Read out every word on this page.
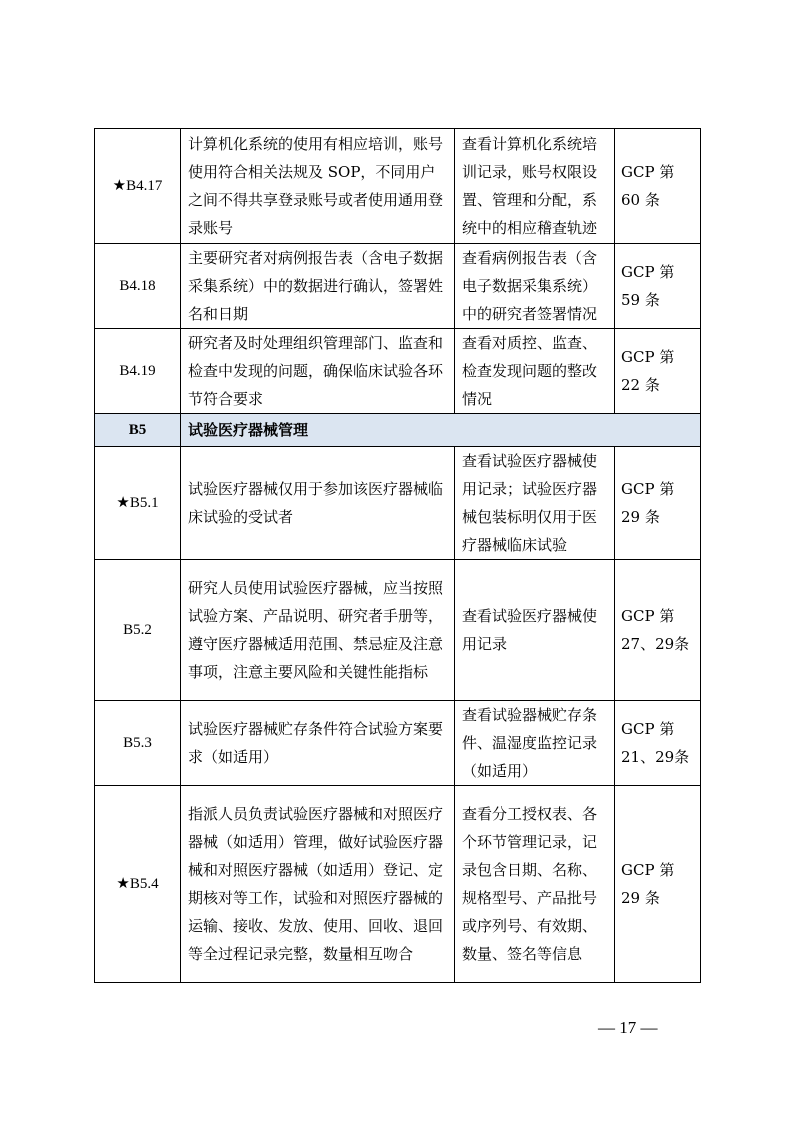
★B4.17	计算机化系统的使用有相应培训，账号使用符合相关法规及 SOP，不同用户之间不得共享登录账号或者使用通用登录账号	查看计算机化系统培训记录，账号权限设置、管理和分配，系统中的相应稽查轨迹	GCP 第 60 条
B4.18	主要研究者对病例报告表（含电子数据采集系统）中的数据进行确认，签署姓名和日期	查看病例报告表（含电子数据采集系统）中的研究者签署情况	GCP 第 59 条
B4.19	研究者及时处理组织管理部门、监查和检查中发现的问题，确保临床试验各环节符合要求	查看对质控、监查、检查发现问题的整改情况	GCP 第 22 条
B5	试验医疗器械管理		
★B5.1	试验医疗器械仅用于参加该医疗器械临床试验的受试者	查看试验医疗器械使用记录；试验医疗器械包装标明仅用于医疗器械临床试验	GCP 第 29 条
B5.2	研究人员使用试验医疗器械，应当按照试验方案、产品说明、研究者手册等，遵守医疗器械适用范围、禁忌症及注意事项，注意主要风险和关键性能指标	查看试验医疗器械使用记录	GCP 第 27、29条
B5.3	试验医疗器械贮存条件符合试验方案要求（如适用）	查看试验器械贮存条件、温湿度监控记录（如适用）	GCP 第 21、29条
★B5.4	指派人员负责试验医疗器械和对照医疗器械（如适用）管理，做好试验医疗器械和对照医疗器械（如适用）登记、定期核对等工作，试验和对照医疗器械的运输、接收、发放、使用、回收、退回等全过程记录完整，数量相互吻合	查看分工授权表、各个环节管理记录，记录包含日期、名称、规格型号、产品批号或序列号、有效期、数量、签名等信息	GCP 第 29 条
— 17 —
